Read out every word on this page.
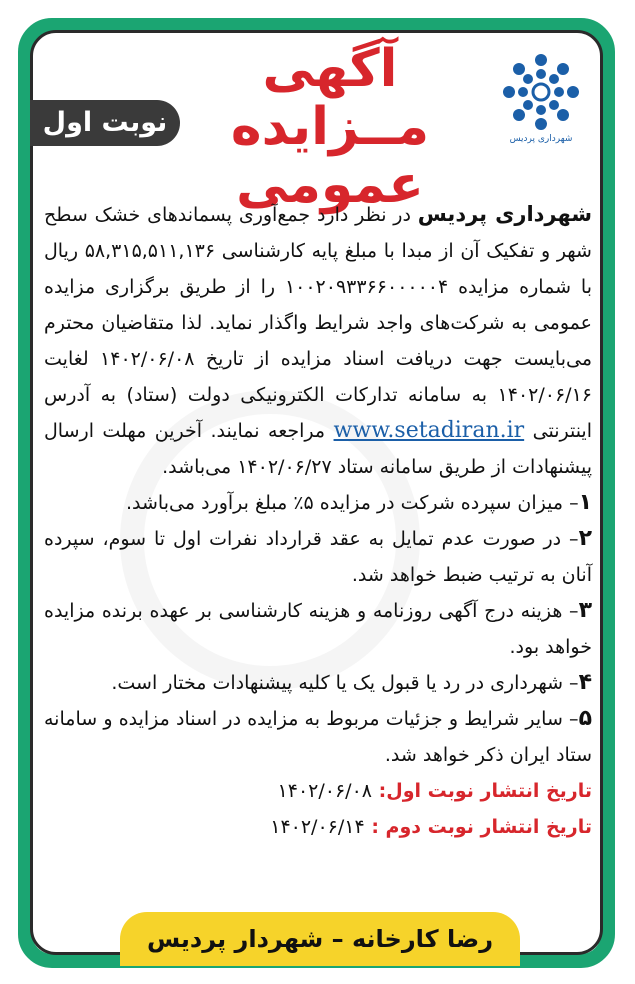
شهرداری پردیس
آگهی مــزایده
عمومی
نوبت اول

شهرداری پردیس در نظر دارد جمع‌آوری پسماندهای خشک سطح شهر و تفکیک آن از مبدا با مبلغ پایه کارشناسی ۵۸,۳۱۵,۵۱۱,۱۳۶ ریال با شماره مزایده ۱۰۰۲۰۹۳۳۶۶۰۰۰۰۰۴ را از طریق برگزاری مزایده عمومی به شرکت‌های واجد شرایط واگذار نماید. لذا متقاضیان محترم می‌بایست جهت دریافت اسناد مزایده از تاریخ ۱۴۰۲/۰۶/۰۸ لغایت ۱۴۰۲/۰۶/۱۶ به سامانه تدارکات الکترونیکی دولت (ستاد) به آدرس اینترنتی www.setadiran.ir مراجعه نمایند. آخرین مهلت ارسال پیشنهادات از طریق سامانه ستاد ۱۴۰۲/۰۶/۲۷ می‌باشد.

۱– میزان سپرده شرکت در مزایده ۵٪ مبلغ برآورد می‌باشد.

۲– در صورت عدم تمایل به عقد قرارداد نفرات اول تا سوم، سپرده آنان به ترتیب ضبط خواهد شد.

۳– هزینه درج آگهی روزنامه و هزینه کارشناسی بر عهده برنده مزایده خواهد بود.

۴– شهرداری در رد یا قبول یک یا کلیه پیشنهادات مختار است.

۵– سایر شرایط و جزئیات مربوط به مزایده در اسناد مزایده و سامانه ستاد ایران ذکر خواهد شد.

تاریخ انتشار نوبت اول: ۱۴۰۲/۰۶/۰۸
تاریخ انتشار نوبت دوم : ۱۴۰۲/۰۶/۱۴

رضا کارخانه – شهردار پردیس
